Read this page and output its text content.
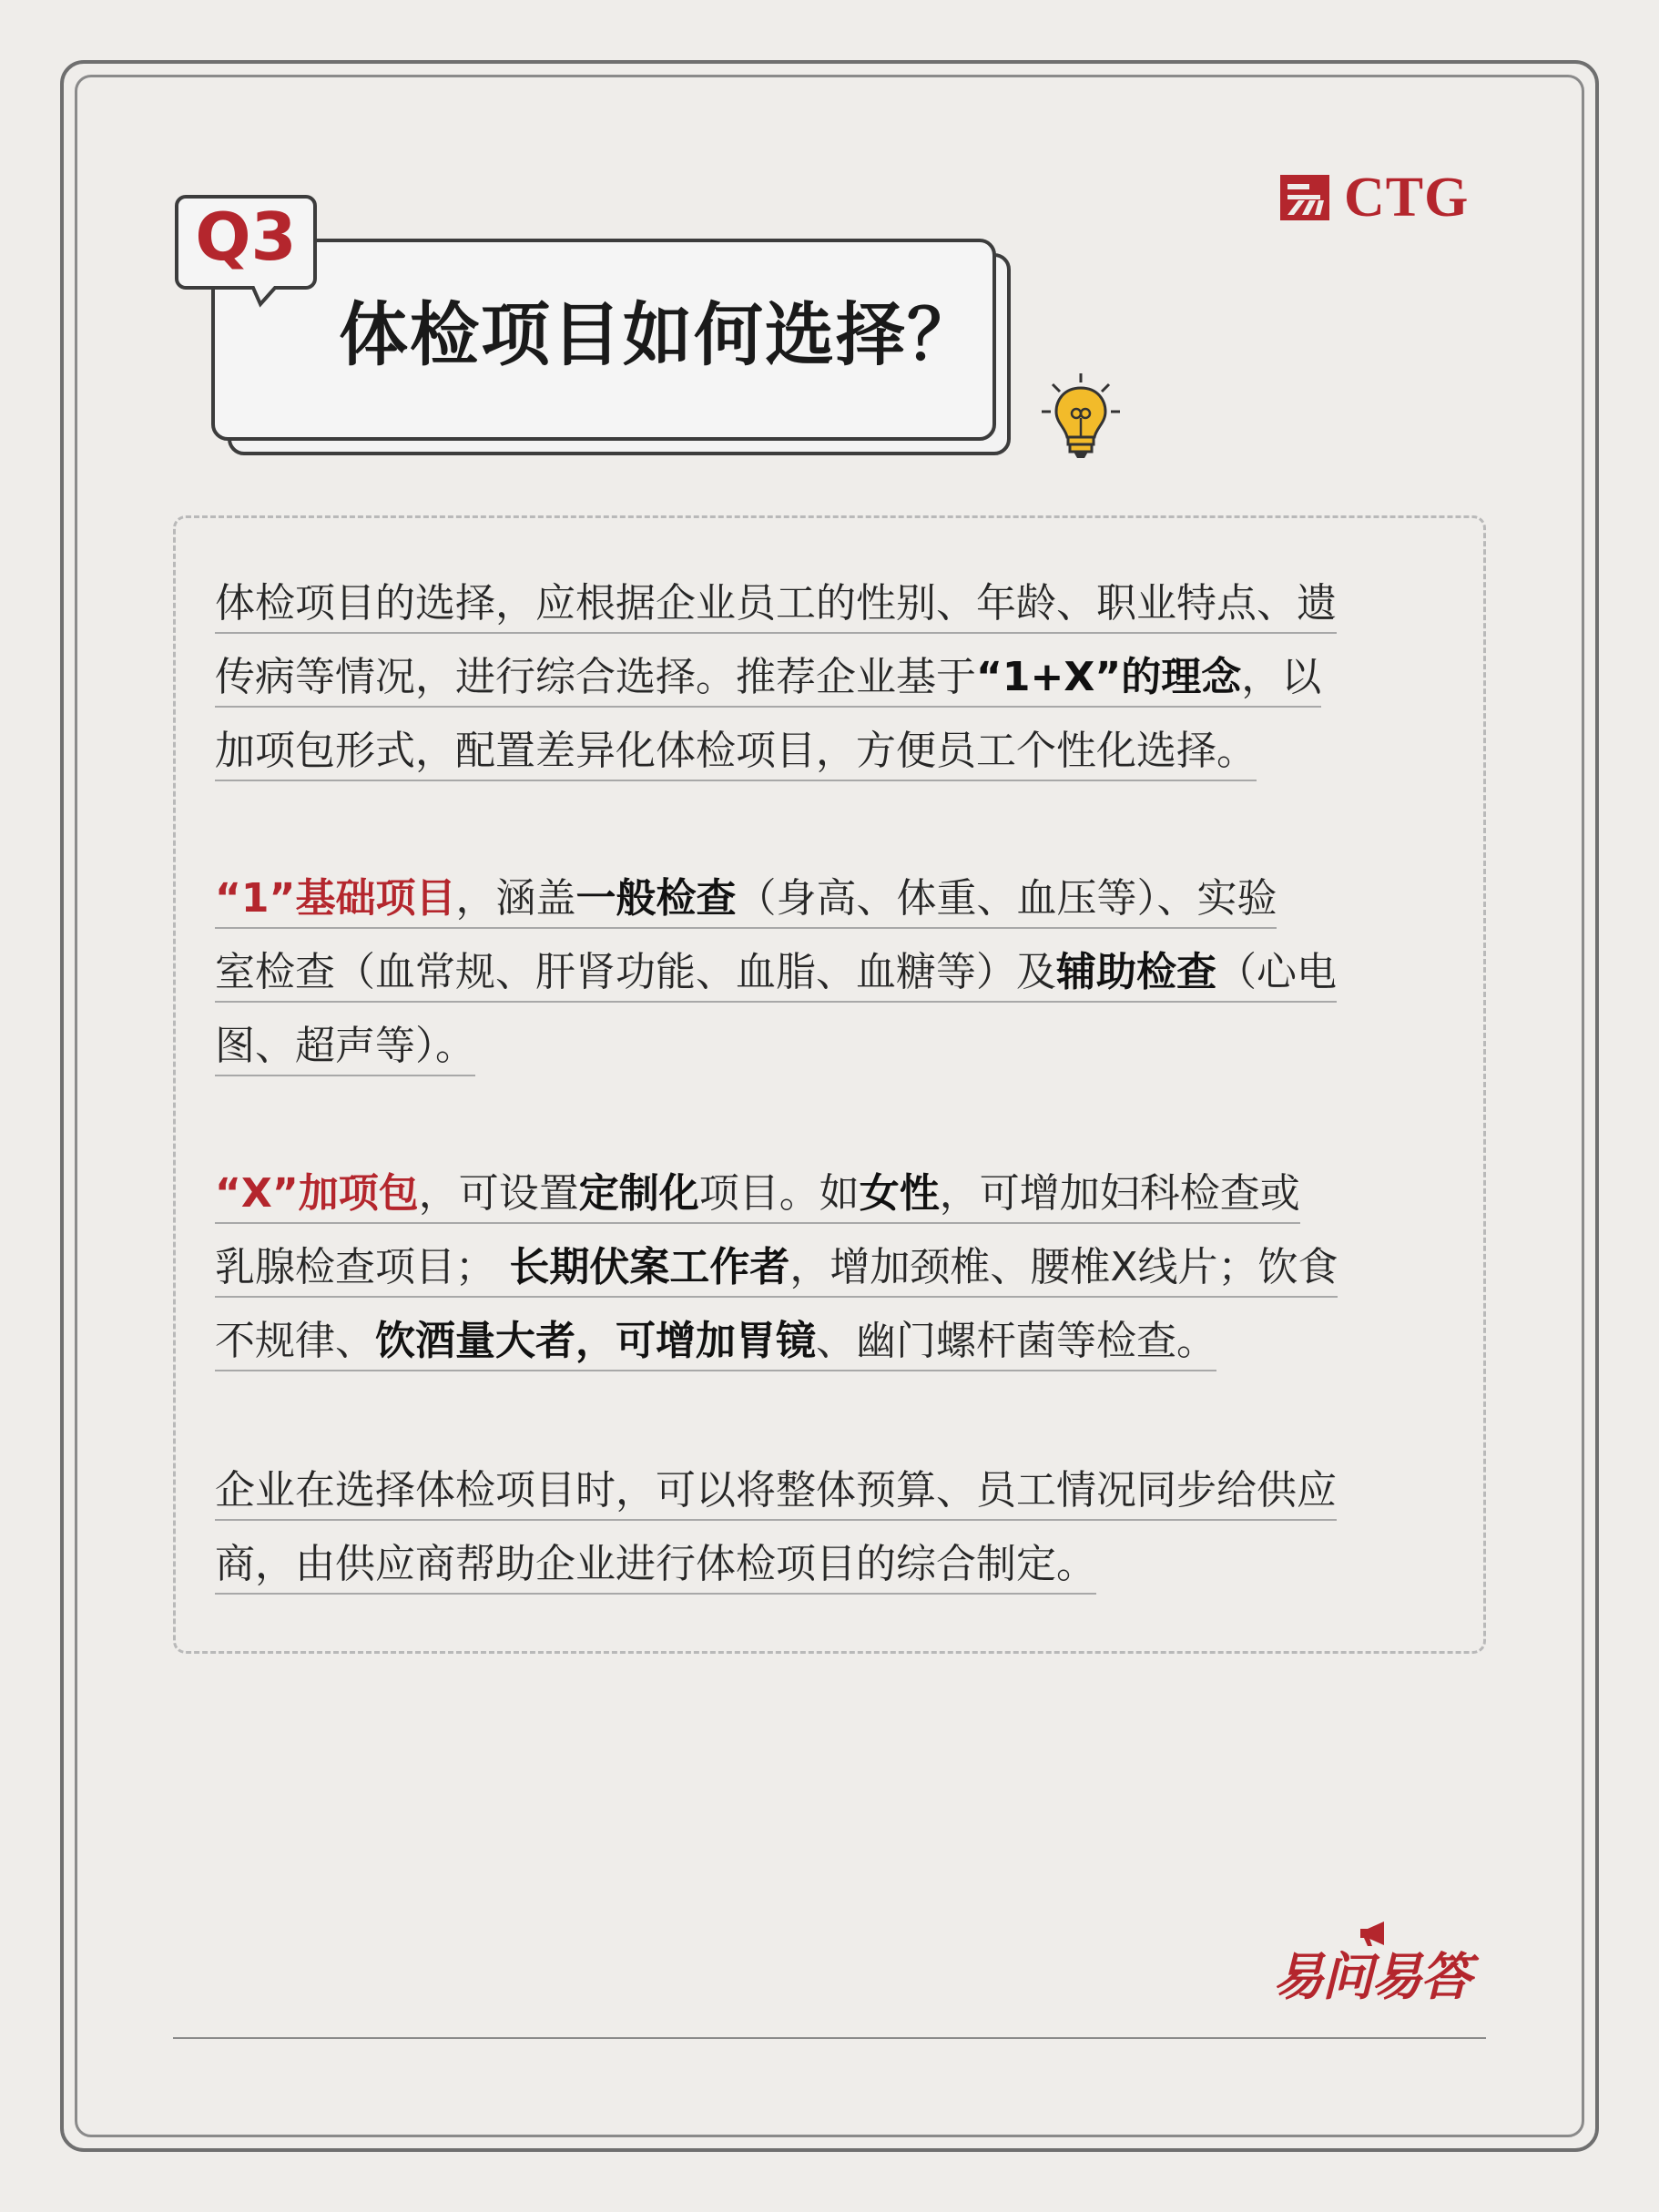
CTG
Q3
体检项目如何选择？
体检项目的选择，应根据企业员工的性别、年龄、职业特点、遗
传病等情况，进行综合选择。推荐企业基于“1+X”的理念，以
加项包形式，配置差异化体检项目，方便员工个性化选择。
“1”基础项目，涵盖一般检查（身高、体重、血压等）、实验
室检查（血常规、肝肾功能、血脂、血糖等）及辅助检查（心电
图、超声等）。
“X”加项包，可设置定制化项目。如女性，可增加妇科检查或
乳腺检查项目； 长期伏案工作者，增加颈椎、腰椎X线片；饮食
不规律、饮酒量大者，可增加胃镜、幽门螺杆菌等检查。
企业在选择体检项目时，可以将整体预算、员工情况同步给供应
商，由供应商帮助企业进行体检项目的综合制定。
易问易答
